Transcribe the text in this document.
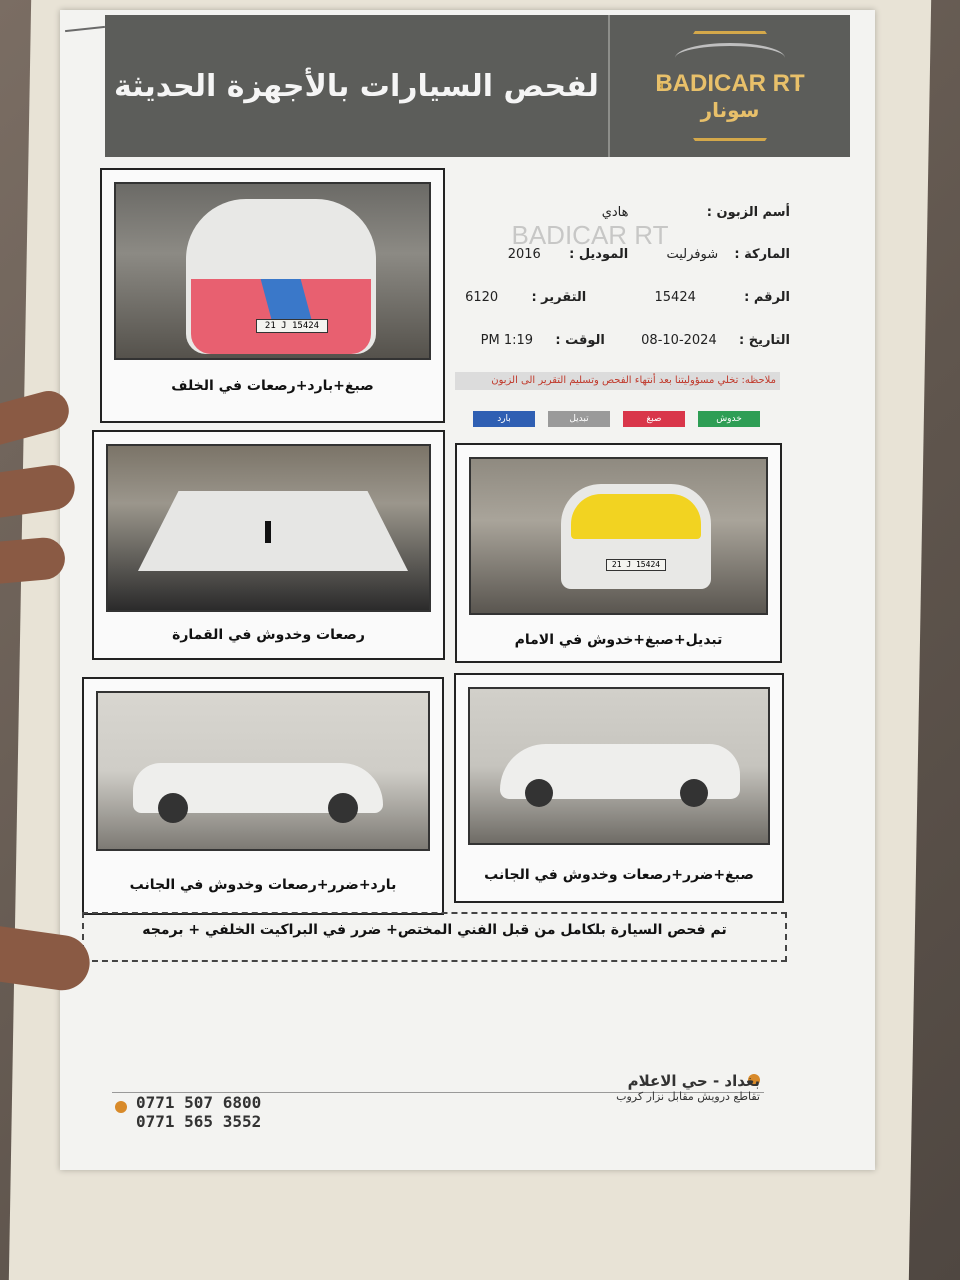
لفحص السيارات بالأجهزة الحديثة	BADICAR RT
سونار
BADICAR RT
أسم الزبون :  هادي
الماركة :  شوفرليت  الموديل :  2016
الرقم :  15424  التقرير :  6120
التاريخ :  2024-10-08  الوقت :  1:19 PM
ملاحظه: تخلي مسؤوليتنا بعد أنتهاء الفحص وتسليم التقرير الى الزبون
خدوش
صبغ
تبديل
بارد
21 J 15424
صبغ+بارد+رصعات في الخلف
رصعات وخدوش في القمارة
21 J 15424
تبديل+صبغ+خدوش في الامام
بارد+ضرر+رصعات وخدوش في الجانب
صبغ+ضرر+رصعات وخدوش في الجانب
تم فحص السيارة بلكامل من قبل الفني المختص+ ضرر في البراكيت الخلفي + برمجه
بغداد - حي الاعلام
تقاطع درويش مقابل نزار كروب
0771 507 6800
0771 565 3552
